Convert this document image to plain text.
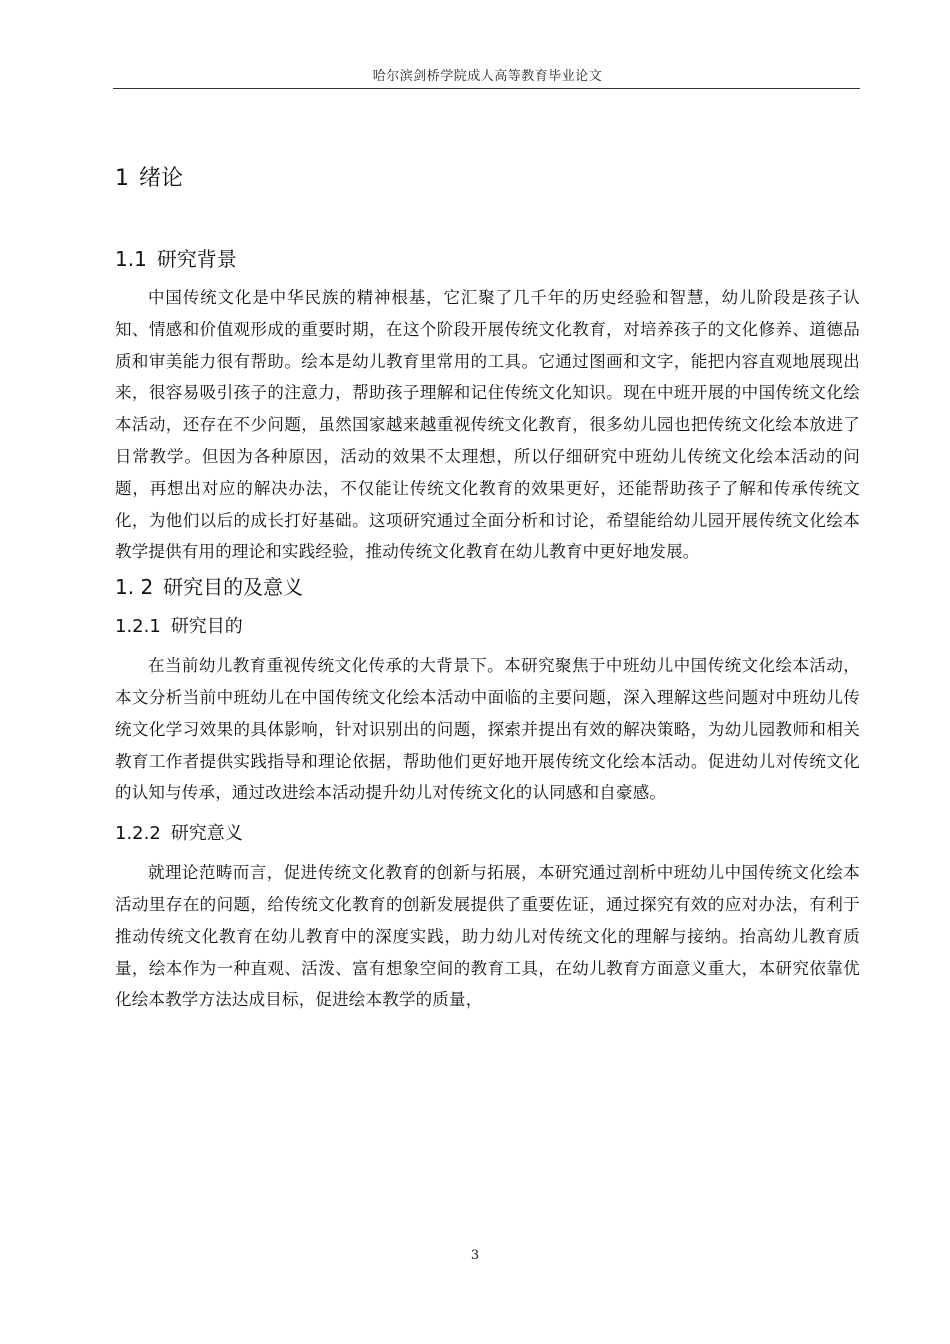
哈尔滨剑桥学院成人高等教育毕业论文
1 绪论
1.1 研究背景

中国传统文化是中华民族的精神根基，它汇聚了几千年的历史经验和智慧，幼儿阶段是孩子认知、情感和价值观形成的重要时期，在这个阶段开展传统文化教育，对培养孩子的文化修养、道德品质和审美能力很有帮助。绘本是幼儿教育里常用的工具。它通过图画和文字，能把内容直观地展现出来，很容易吸引孩子的注意力，帮助孩子理解和记住传统文化知识。现在中班开展的中国传统文化绘本活动，还存在不少问题，虽然国家越来越重视传统文化教育，很多幼儿园也把传统文化绘本放进了日常教学。但因为各种原因，活动的效果不太理想，所以仔细研究中班幼儿传统文化绘本活动的问题，再想出对应的解决办法，不仅能让传统文化教育的效果更好，还能帮助孩子了解和传承传统文化，为他们以后的成长打好基础。这项研究通过全面分析和讨论，希望能给幼儿园开展传统文化绘本教学提供有用的理论和实践经验，推动传统文化教育在幼儿教育中更好地发展。

1. 2 研究目的及意义
1.2.1 研究目的

在当前幼儿教育重视传统文化传承的大背景下。本研究聚焦于中班幼儿中国传统文化绘本活动，本文分析当前中班幼儿在中国传统文化绘本活动中面临的主要问题，深入理解这些问题对中班幼儿传统文化学习效果的具体影响，针对识别出的问题，探索并提出有效的解决策略，为幼儿园教师和相关教育工作者提供实践指导和理论依据，帮助他们更好地开展传统文化绘本活动。促进幼儿对传统文化的认知与传承，通过改进绘本活动提升幼儿对传统文化的认同感和自豪感。

1.2.2 研究意义

就理论范畴而言，促进传统文化教育的创新与拓展，本研究通过剖析中班幼儿中国传统文化绘本活动里存在的问题，给传统文化教育的创新发展提供了重要佐证，通过探究有效的应对办法，有利于推动传统文化教育在幼儿教育中的深度实践，助力幼儿对传统文化的理解与接纳。抬高幼儿教育质量，绘本作为一种直观、活泼、富有想象空间的教育工具，在幼儿教育方面意义重大，本研究依靠优化绘本教学方法达成目标，促进绘本教学的质量，

3
